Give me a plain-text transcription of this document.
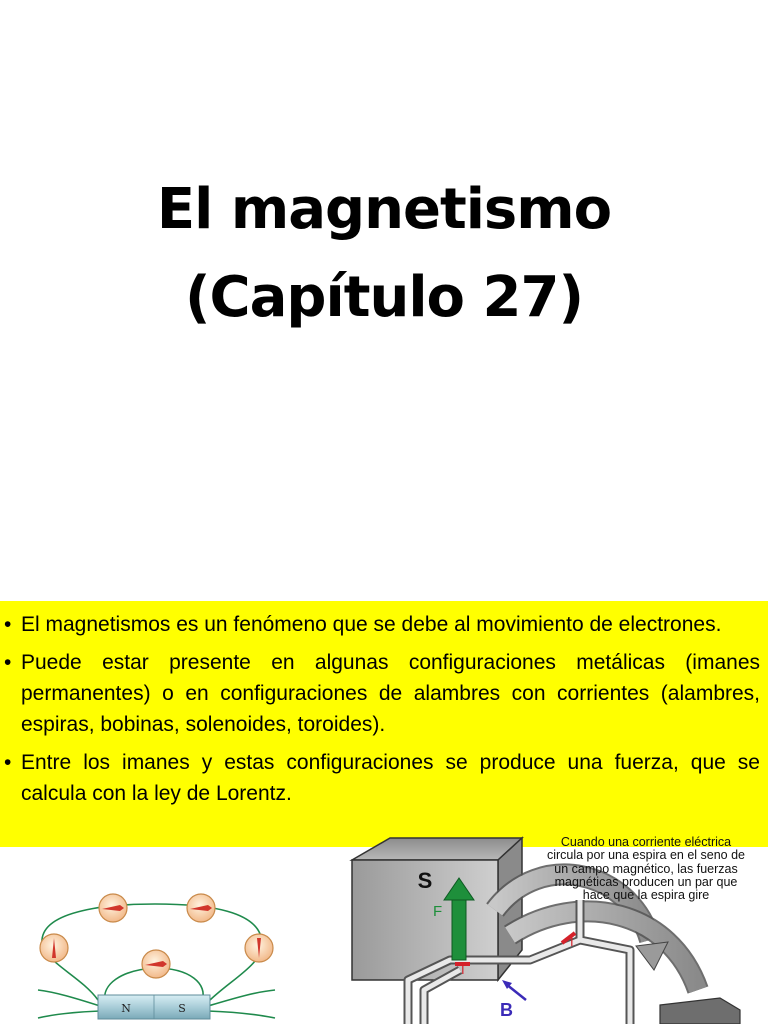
El magnetismo
(Capítulo 27)
• El magnetismos es un fenómeno que se debe al movimiento de electrones.
• Puede estar presente en algunas configuraciones metálicas (imanes permanentes) o en configuraciones de alambres con corrientes (alambres, espiras, bobinas, solenoides, toroides).
• Entre los imanes y estas configuraciones se produce una fuerza, que se calcula con la ley de Lorentz.
N	S
S
F
I
I
B
Cuando una corriente eléctrica circula por una espira en el seno de un campo magnético, las fuerzas magnéticas producen un par que hace que la espira gire
